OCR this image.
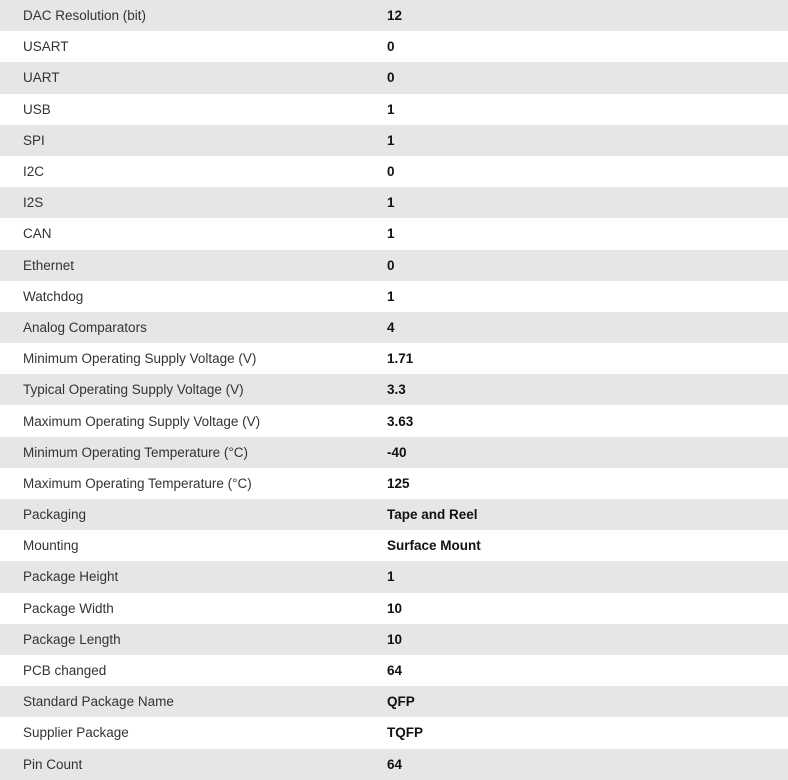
DAC Resolution (bit)	12
USART	0
UART	0
USB	1
SPI	1
I2C	0
I2S	1
CAN	1
Ethernet	0
Watchdog	1
Analog Comparators	4
Minimum Operating Supply Voltage (V)	1.71
Typical Operating Supply Voltage (V)	3.3
Maximum Operating Supply Voltage (V)	3.63
Minimum Operating Temperature (°C)	-40
Maximum Operating Temperature (°C)	125
Packaging	Tape and Reel
Mounting	Surface Mount
Package Height	1
Package Width	10
Package Length	10
PCB changed	64
Standard Package Name	QFP
Supplier Package	TQFP
Pin Count	64
